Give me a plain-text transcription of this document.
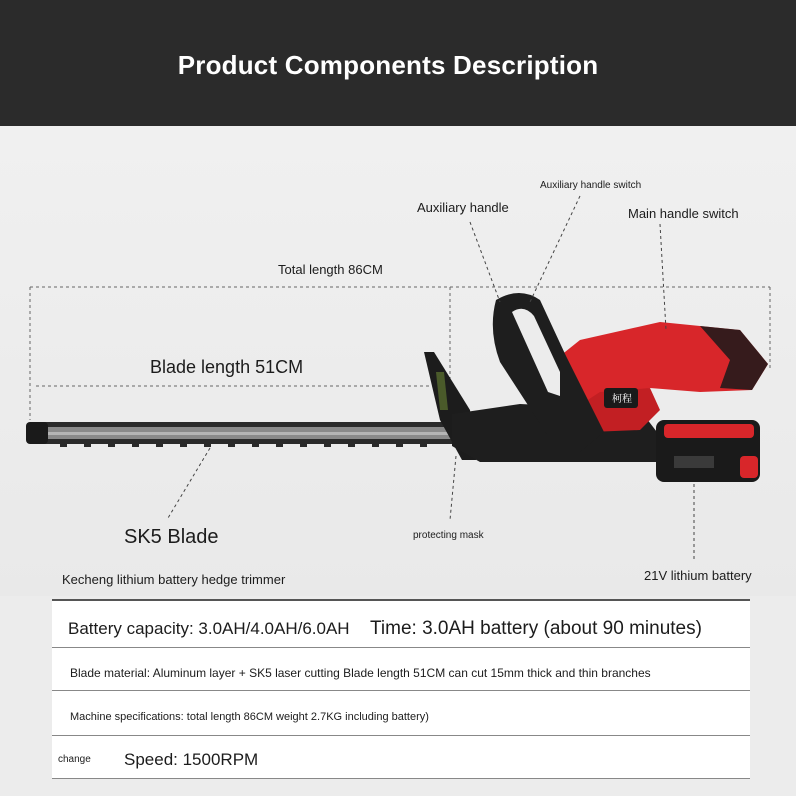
Product Components Description
柯程
Auxiliary handle
Auxiliary handle switch
Main handle switch
Total length 86CM
Blade length 51CM
SK5 Blade	protecting mask
Kecheng lithium battery hedge trimmer	21V lithium battery
Battery capacity: 3.0AH/4.0AH/6.0AH Time: 3.0AH battery (about 90 minutes)
Blade material: Aluminum layer + SK5 laser cutting Blade length 51CM can cut 15mm thick and thin branches
Machine specifications: total length 86CM weight 2.7KG including battery)
change Speed: 1500RPM
